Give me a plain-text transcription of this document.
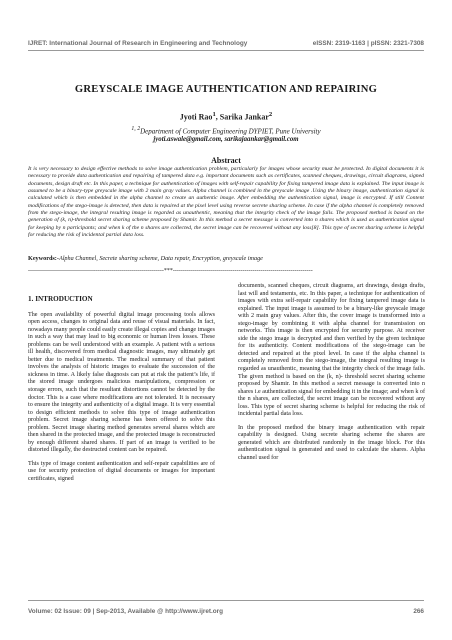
IJRET: International Journal of Research in Engineering and Technology	eISSN: 2319-1163 | pISSN: 2321-7308
GREYSCALE IMAGE AUTHENTICATION AND REPAIRING
Jyoti Rao$^1$, Sarika Jankar$^2$
$^{1, 2}$Department of Computer Engineering DYPIET, Pune University
jyoti.aswale@gmail.com, sarikajaankar@gmail.com
Abstract
It is very necessary to design effective methods to solve image authentication problem, particularly for images whose security must be protected. In digital documents it is necessary to provide data authentication and repairing of tampered data e.g. important documents such as certificates, scanned cheques, drawings, circuit diagrams, signed documents, design draft etc. In this paper, a technique for authentication of images with self-repair capability for fixing tampered image data is explained. The input image is assumed to be a binary-type greyscale image with 2 main gray values. Alpha channel is combined in the greyscale image .Using the binary image, authentication signal is calculated which is then embedded in the alpha channel to create an authentic image. After embedding the authentication signal, image is encrypted. If still Content modifications of the stego-image is detected, then data is repaired at the pixel level using reverse secrete sharing scheme. In case if the alpha channel is completely removed from the stego-image, the integral resulting image is regarded as unauthentic, meaning that the integrity check of the image fails. The proposed method is based on the generation of (k, n)-threshold secret sharing scheme proposed by Shamir. In this method a secret message is converted into n shares which is used as authentication signal for keeping by n participants; and when k of the n shares are collected, the secret image can be recovered without any loss[8]. This type of secret sharing scheme is helpful for reducing the risk of incidental partial data loss.
Keywords:-Alpha Channel, Secrete sharing scheme, Data repair, Encryption, greyscale image
--------------------------------------------------------------------***----------------------------------------------------------------------
1. INTRODUCTION

The open availability of powerful digital image processing tools allows open access, changes to original data and reuse of visual materials. In fact, nowadays many people could easily create illegal copies and change images in such a way that may lead to big economic or human lives losses. These problems can be well understood with an example. A patient with a serious ill health, discovered from medical diagnostic images, may ultimately get better due to medical treatments. The medical summary of that patient involves the analysis of historic images to evaluate the succession of the sickness in time. A likely false diagnosis can put at risk the patient’s life, if the stored image undergoes malicious manipulations, compression or storage errors, such that the resultant distortions cannot be detected by the doctor. This is a case where modifications are not tolerated. It is necessary to ensure the integrity and authenticity of a digital image. It is very essential to design efficient methods to solve this type of image authentication problem. Secret image sharing scheme has been offered to solve this problem. Secret image sharing method generates several shares which are then shared in the protected image, and the protected image is reconstructed by enough different shared shares. If part of an image is verified to be distorted illegally, the destructed content can be repaired.

This type of image content authentication and self-repair capabilities are of use for security protection of digital documents or images for important certificates, signed

documents, scanned cheques, circuit diagrams, art drawings, design drafts, last will and testaments, etc. In this paper, a technique for authentication of images with extra self-repair capability for fixing tampered image data is explained. The input image is assumed to be a binary-like greyscale image with 2 main gray values. After this, the cover image is transformed into a stego-image by combining it with alpha channel for transmission on networks. This image is then encrypted for security purpose. At receiver side the stego image is decrypted and then verified by the given technique for its authenticity. Content modifications of the stego-image can be detected and repaired at the pixel level. In case if the alpha channel is completely removed from the stego-image, the integral resulting image is regarded as unauthentic, meaning that the integrity check of the image fails. The given method is based on the (k, n)- threshold secret sharing scheme proposed by Shamir. In this method a secret message is converted into n shares i.e authentication signal for embedding it in the image; and when k of the n shares, are collected, the secret image can be recovered without any loss. This type of secret sharing scheme is helpful for reducing the risk of incidental partial data loss.

In the proposed method the binary image authentication with repair capability is designed. Using secrete sharing scheme the shares are generated which are distributed randomly in the image block. For this authentication signal is generated and used to calculate the shares. Alpha channel used for

Volume: 02 Issue: 09 | Sep-2013, Available @ http://www.ijret.org	266
